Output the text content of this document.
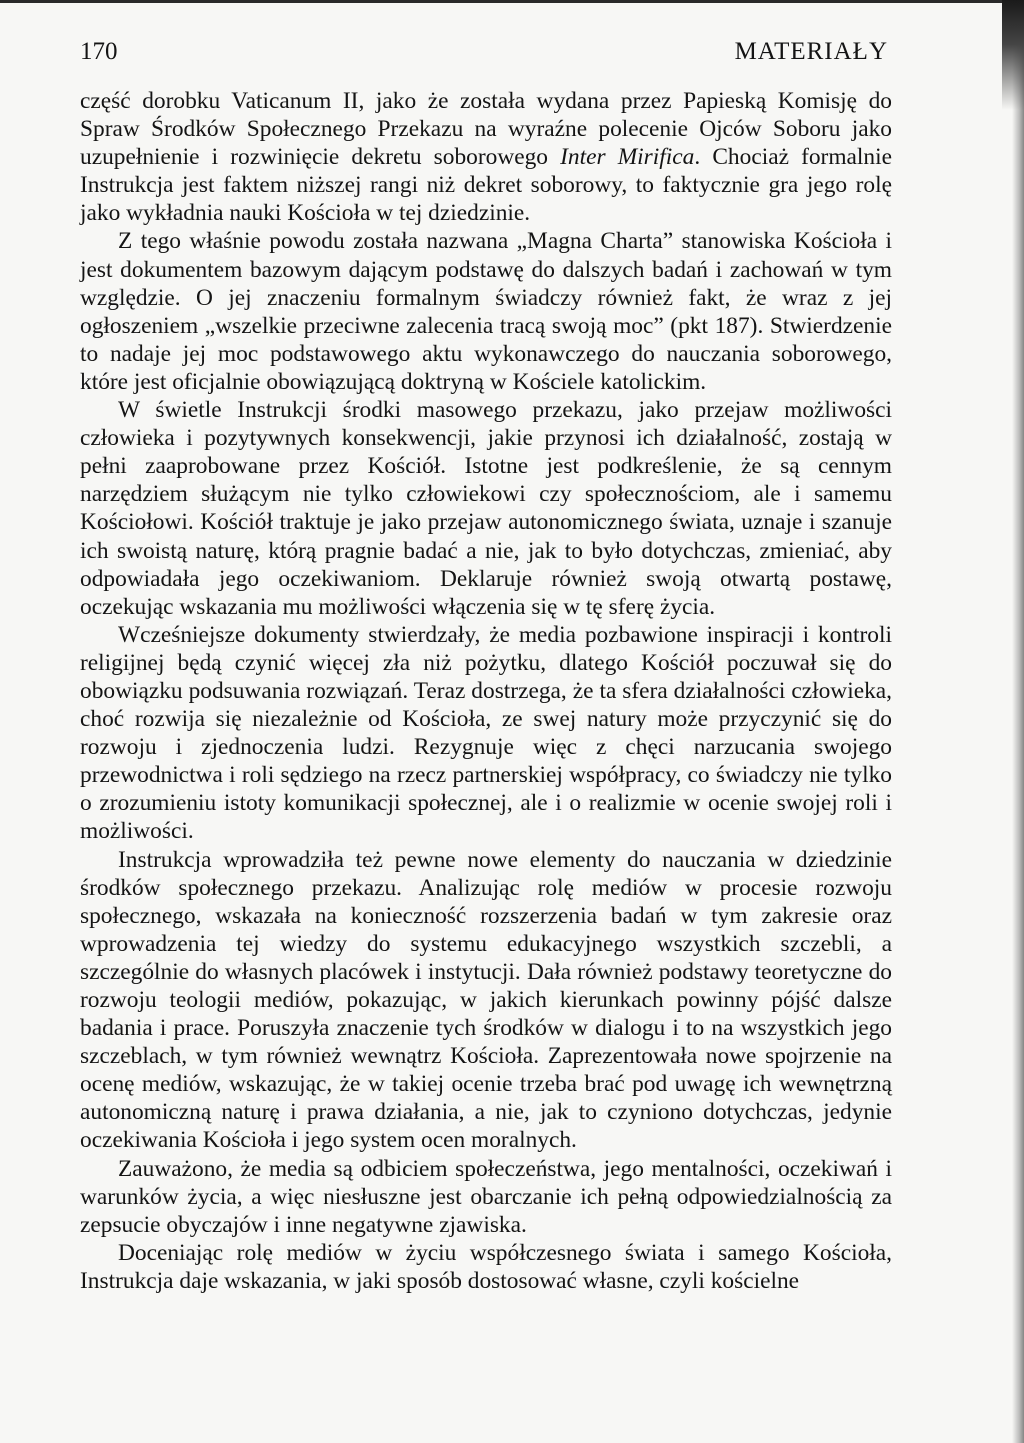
170	MATERIAŁY

część dorobku Vaticanum II, jako że została wydana przez Papieską Komisję do Spraw Środków Społecznego Przekazu na wyraźne polecenie Ojców Soboru jako uzupełnienie i rozwinięcie dekretu soborowego Inter Mirifica. Chociaż formalnie Instrukcja jest faktem niższej rangi niż dekret soborowy, to faktycznie gra jego rolę jako wykładnia nauki Kościoła w tej dziedzinie.

Z tego właśnie powodu została nazwana „Magna Charta” stanowiska Kościoła i jest dokumentem bazowym dającym podstawę do dalszych badań i zachowań w tym względzie. O jej znaczeniu formalnym świadczy również fakt, że wraz z jej ogłoszeniem „wszelkie przeciwne zalecenia tracą swoją moc” (pkt 187). Stwierdzenie to nadaje jej moc podstawowego aktu wykonawczego do nauczania soborowego, które jest oficjalnie obowiązującą doktryną w Kościele katolickim.

W świetle Instrukcji środki masowego przekazu, jako przejaw możliwości człowieka i pozytywnych konsekwencji, jakie przynosi ich działalność, zostają w pełni zaaprobowane przez Kościół. Istotne jest podkreślenie, że są cennym narzędziem służącym nie tylko człowiekowi czy społecznościom, ale i samemu Kościołowi. Kościół traktuje je jako przejaw autonomicznego świata, uznaje i szanuje ich swoistą naturę, którą pragnie badać a nie, jak to było dotychczas, zmieniać, aby odpowiadała jego oczekiwaniom. Deklaruje również swoją otwartą postawę, oczekując wskazania mu możliwości włączenia się w tę sferę życia.

Wcześniejsze dokumenty stwierdzały, że media pozbawione inspiracji i kontroli religijnej będą czynić więcej zła niż pożytku, dlatego Kościół poczuwał się do obowiązku podsuwania rozwiązań. Teraz dostrzega, że ta sfera działalności człowieka, choć rozwija się niezależnie od Kościoła, ze swej natury może przyczynić się do rozwoju i zjednoczenia ludzi. Rezygnuje więc z chęci narzucania swojego przewodnictwa i roli sędziego na rzecz partnerskiej współpracy, co świadczy nie tylko o zrozumieniu istoty komunikacji społecznej, ale i o realizmie w ocenie swojej roli i możliwości.

Instrukcja wprowadziła też pewne nowe elementy do nauczania w dziedzinie środków społecznego przekazu. Analizując rolę mediów w procesie rozwoju społecznego, wskazała na konieczność rozszerzenia badań w tym zakresie oraz wprowadzenia tej wiedzy do systemu edukacyjnego wszystkich szczebli, a szczególnie do własnych placówek i instytucji. Dała również podstawy teoretyczne do rozwoju teologii mediów, pokazując, w jakich kierunkach powinny pójść dalsze badania i prace. Poruszyła znaczenie tych środków w dialogu i to na wszystkich jego szczeblach, w tym również wewnątrz Kościoła. Zaprezentowała nowe spojrzenie na ocenę mediów, wskazując, że w takiej ocenie trzeba brać pod uwagę ich wewnętrzną autonomiczną naturę i prawa działania, a nie, jak to czyniono dotychczas, jedynie oczekiwania Kościoła i jego system ocen moralnych.

Zauważono, że media są odbiciem społeczeństwa, jego mentalności, oczekiwań i warunków życia, a więc niesłuszne jest obarczanie ich pełną odpowiedzialnością za zepsucie obyczajów i inne negatywne zjawiska.

Doceniając rolę mediów w życiu współczesnego świata i samego Kościoła, Instrukcja daje wskazania, w jaki sposób dostosować własne, czyli kościelne
